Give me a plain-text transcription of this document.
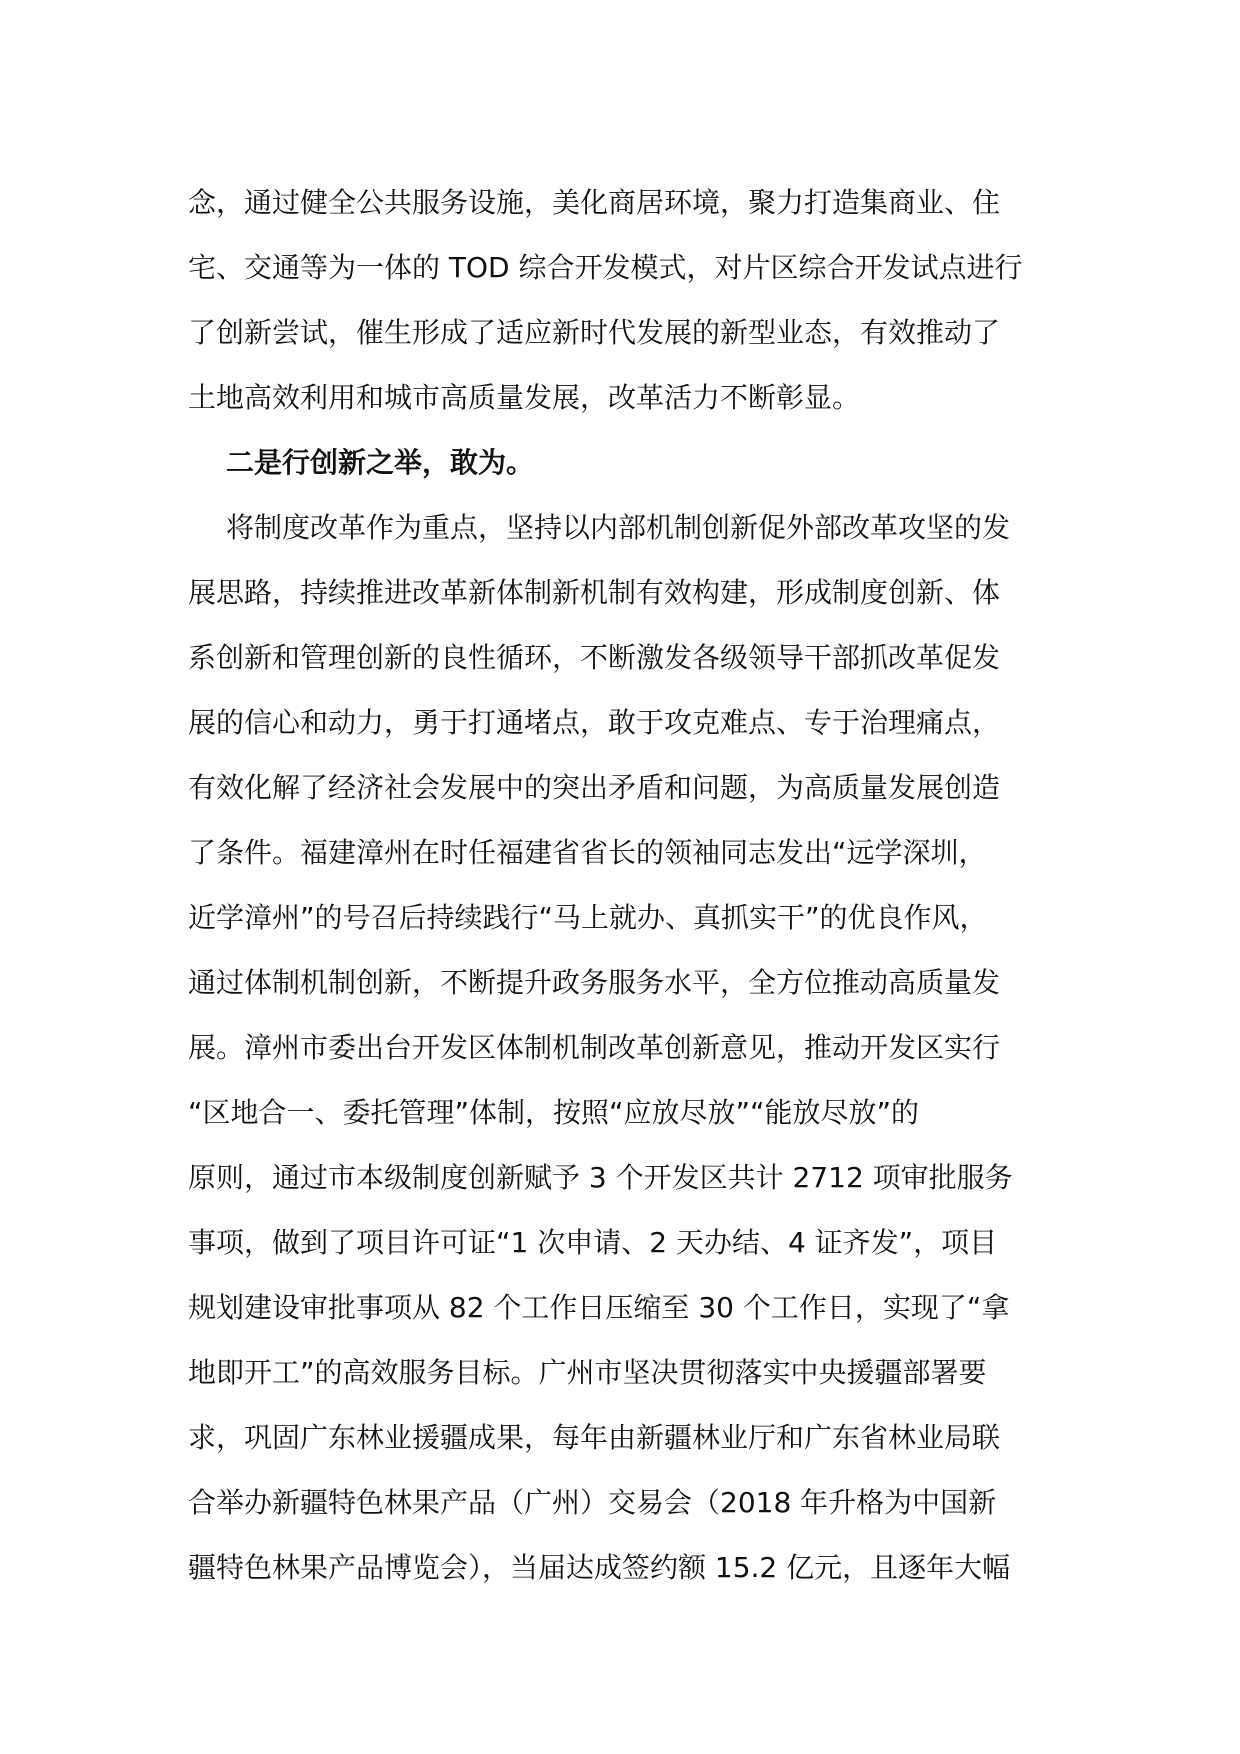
念，通过健全公共服务设施，美化商居环境，聚力打造集商业、住
宅、交通等为一体的 TOD 综合开发模式，对片区综合开发试点进行
了创新尝试，催生形成了适应新时代发展的新型业态，有效推动了
土地高效利用和城市高质量发展，改革活力不断彰显。
二是行创新之举，敢为。
将制度改革作为重点，坚持以内部机制创新促外部改革攻坚的发
展思路，持续推进改革新体制新机制有效构建，形成制度创新、体
系创新和管理创新的良性循环，不断激发各级领导干部抓改革促发
展的信心和动力，勇于打通堵点，敢于攻克难点、专于治理痛点，
有效化解了经济社会发展中的突出矛盾和问题，为高质量发展创造
了条件。福建漳州在时任福建省省长的领袖同志发出“远学深圳，
近学漳州”的号召后持续践行“马上就办、真抓实干”的优良作风，
通过体制机制创新，不断提升政务服务水平，全方位推动高质量发
展。漳州市委出台开发区体制机制改革创新意见，推动开发区实行
“区地合一、委托管理”体制，按照“应放尽放”“能放尽放”的
原则，通过市本级制度创新赋予 3 个开发区共计 2712 项审批服务
事项，做到了项目许可证“1 次申请、2 天办结、4 证齐发”，项目
规划建设审批事项从 82 个工作日压缩至 30 个工作日，实现了“拿
地即开工”的高效服务目标。广州市坚决贯彻落实中央援疆部署要
求，巩固广东林业援疆成果，每年由新疆林业厅和广东省林业局联
合举办新疆特色林果产品（广州）交易会（2018 年升格为中国新
疆特色林果产品博览会），当届达成签约额 15.2 亿元，且逐年大幅
